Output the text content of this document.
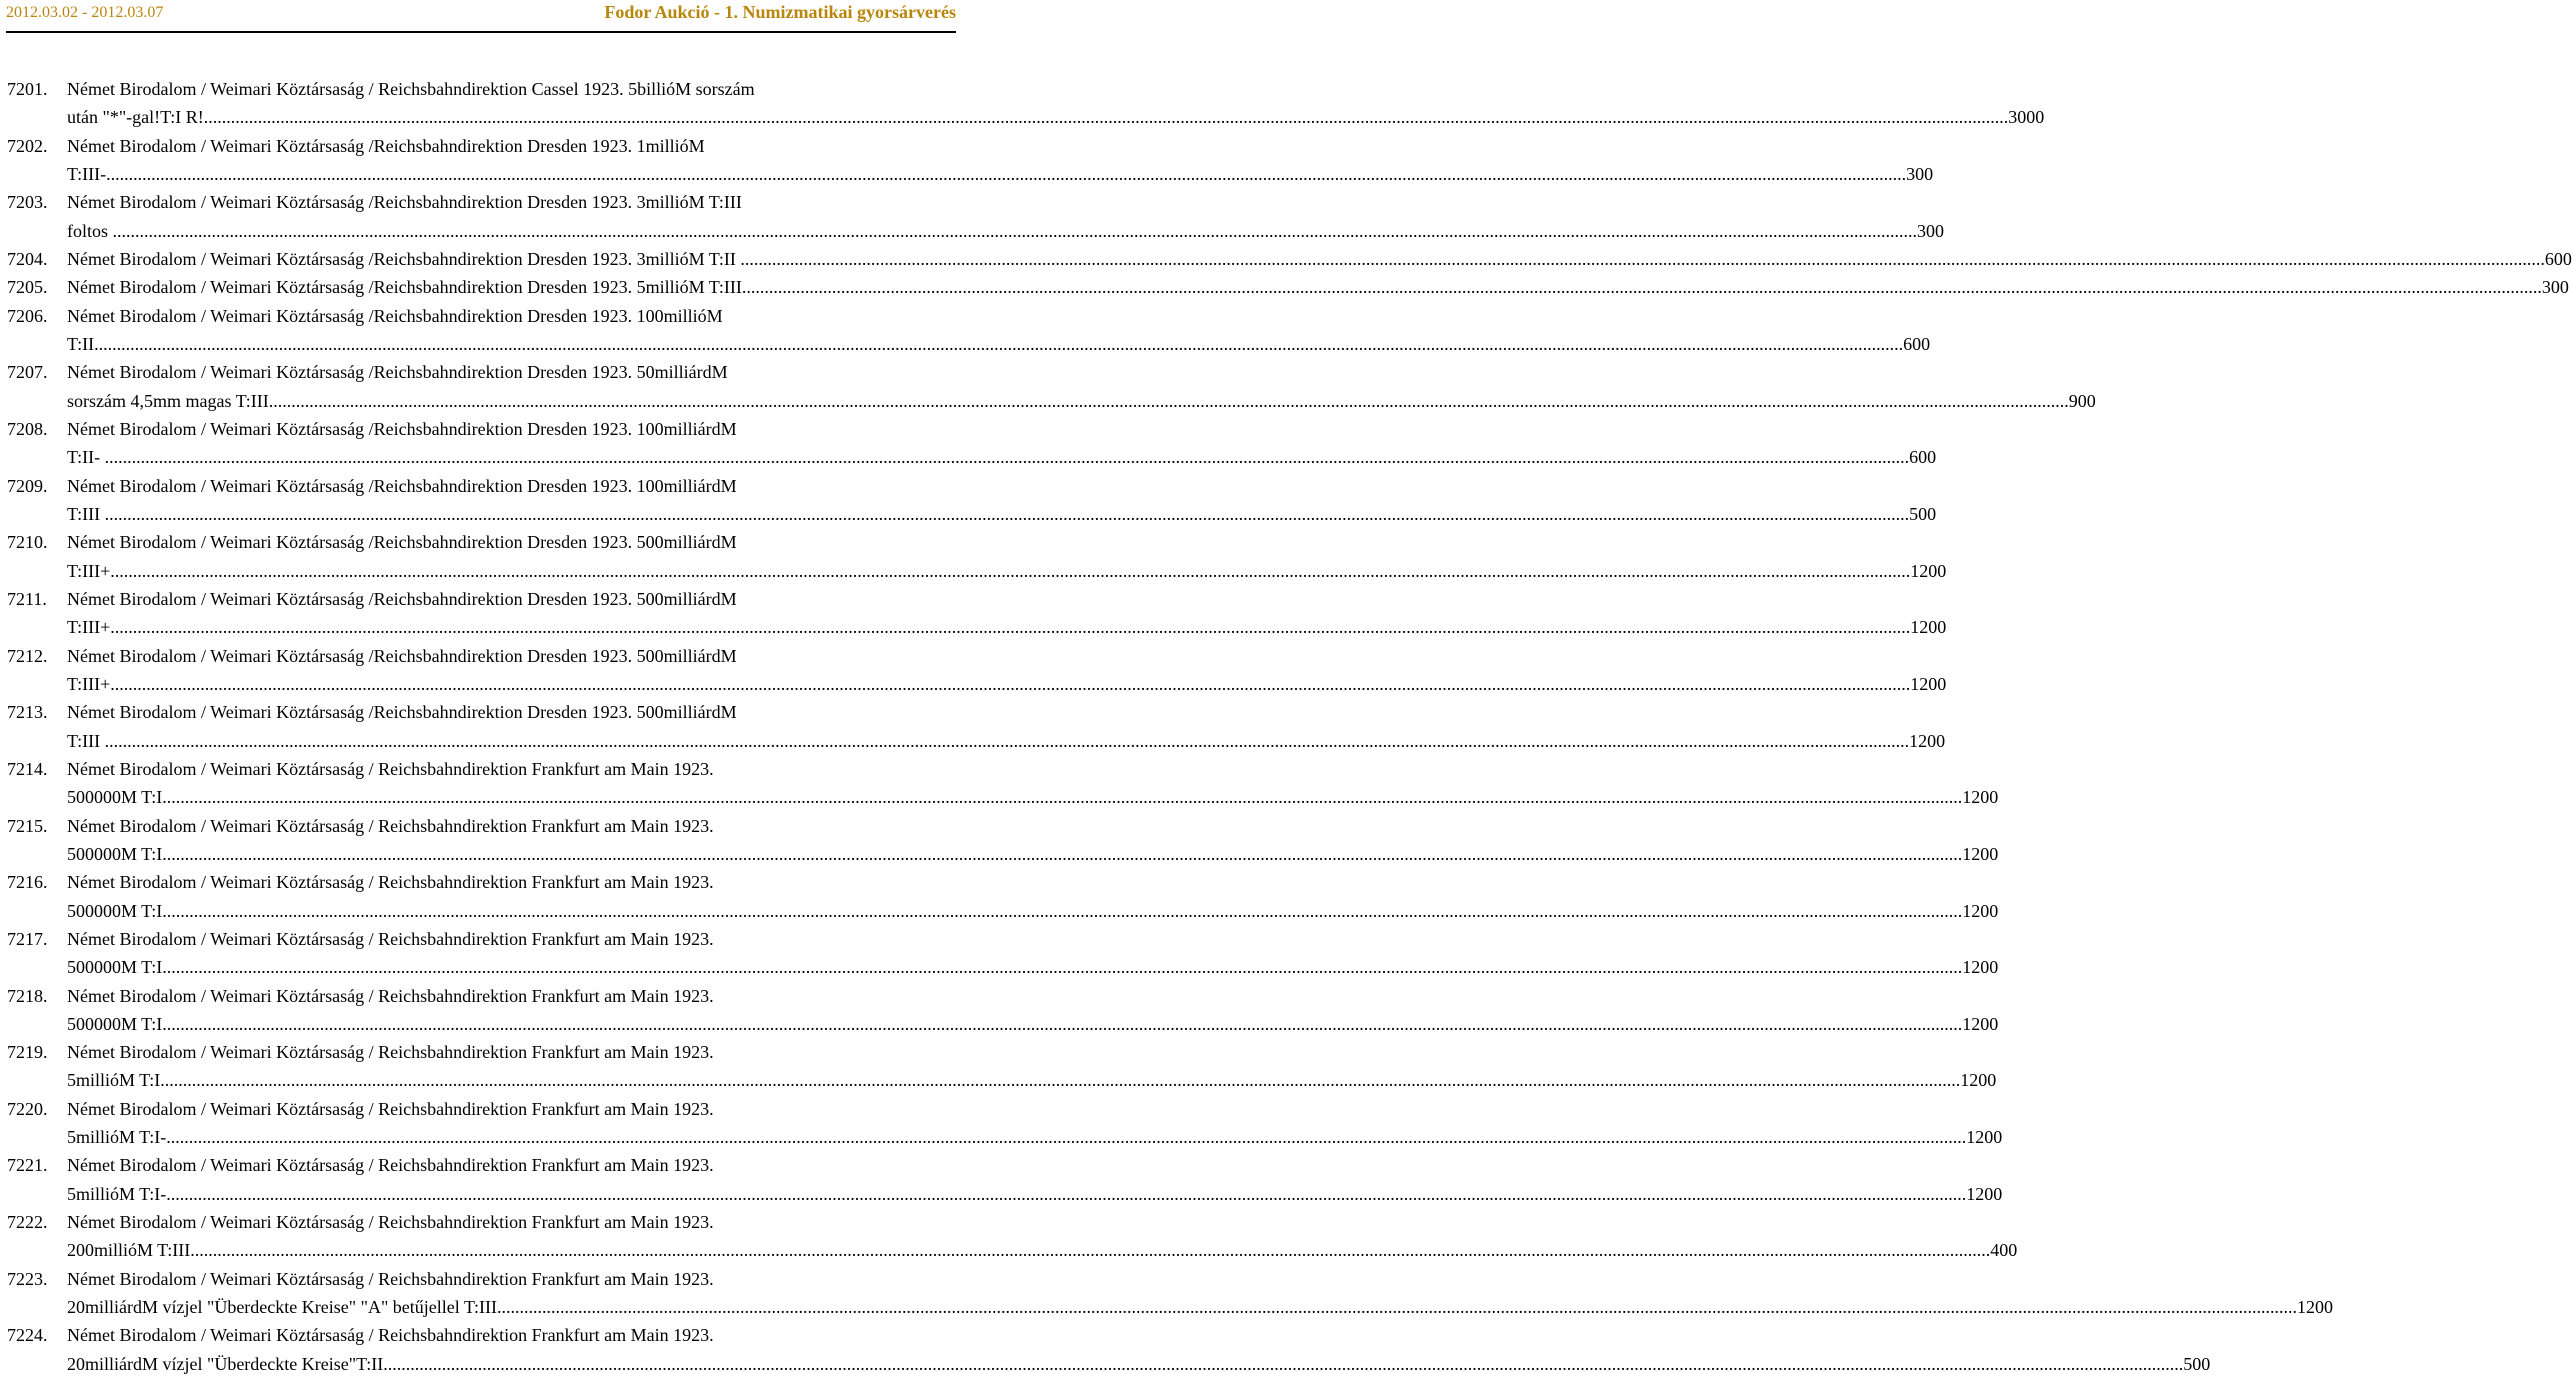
2012.03.02 - 2012.03.07	Fodor Aukció - 1. Numizmatikai gyorsárverés
7201. Német Birodalom / Weimari Köztársaság / Reichsbahndirektion Cassel 1923. 5billióM sorszám
után "*"-gal!T:I R!. ................................................................................................................................................................................................................................................................................................................................................................................................................ 3000
7202. Német Birodalom / Weimari Köztársaság /Reichsbahndirektion Dresden 1923. 1millióM
T:III- ................................................................................................................................................................................................................................................................................................................................................................................................................ 300
7203. Német Birodalom / Weimari Köztársaság /Reichsbahndirektion Dresden 1923. 3millióM T:III
foltos . ................................................................................................................................................................................................................................................................................................................................................................................................................ 300
7204. Német Birodalom / Weimari Köztársaság /Reichsbahndirektion Dresden 1923. 3millióM T:II . ................................................................................................................................................................................................................................................................................................................................................................................................................ 600
7205. Német Birodalom / Weimari Köztársaság /Reichsbahndirektion Dresden 1923. 5millióM T:III ................................................................................................................................................................................................................................................................................................................................................................................................................ 300
7206. Német Birodalom / Weimari Köztársaság /Reichsbahndirektion Dresden 1923. 100millióM
T:II.. ................................................................................................................................................................................................................................................................................................................................................................................................................ 600
7207. Német Birodalom / Weimari Köztársaság /Reichsbahndirektion Dresden 1923. 50milliárdM
sorszám 4,5mm magas T:III ................................................................................................................................................................................................................................................................................................................................................................................................................ 900
7208. Német Birodalom / Weimari Köztársaság /Reichsbahndirektion Dresden 1923. 100milliárdM
T:II- . ................................................................................................................................................................................................................................................................................................................................................................................................................ 600
7209. Német Birodalom / Weimari Köztársaság /Reichsbahndirektion Dresden 1923. 100milliárdM
T:III . ................................................................................................................................................................................................................................................................................................................................................................................................................ 500
7210. Német Birodalom / Weimari Köztársaság /Reichsbahndirektion Dresden 1923. 500milliárdM
T:III+ ................................................................................................................................................................................................................................................................................................................................................................................................................ 1200
7211. Német Birodalom / Weimari Köztársaság /Reichsbahndirektion Dresden 1923. 500milliárdM
T:III+ ................................................................................................................................................................................................................................................................................................................................................................................................................ 1200
7212. Német Birodalom / Weimari Köztársaság /Reichsbahndirektion Dresden 1923. 500milliárdM
T:III+ ................................................................................................................................................................................................................................................................................................................................................................................................................ 1200
7213. Német Birodalom / Weimari Köztársaság /Reichsbahndirektion Dresden 1923. 500milliárdM
T:III . ................................................................................................................................................................................................................................................................................................................................................................................................................ 1200
7214. Német Birodalom / Weimari Köztársaság / Reichsbahndirektion Frankfurt am Main 1923.
500000M T:I ................................................................................................................................................................................................................................................................................................................................................................................................................ 1200
7215. Német Birodalom / Weimari Köztársaság / Reichsbahndirektion Frankfurt am Main 1923.
500000M T:I ................................................................................................................................................................................................................................................................................................................................................................................................................ 1200
7216. Német Birodalom / Weimari Köztársaság / Reichsbahndirektion Frankfurt am Main 1923.
500000M T:I ................................................................................................................................................................................................................................................................................................................................................................................................................ 1200
7217. Német Birodalom / Weimari Köztársaság / Reichsbahndirektion Frankfurt am Main 1923.
500000M T:I ................................................................................................................................................................................................................................................................................................................................................................................................................ 1200
7218. Német Birodalom / Weimari Köztársaság / Reichsbahndirektion Frankfurt am Main 1923.
500000M T:I ................................................................................................................................................................................................................................................................................................................................................................................................................ 1200
7219. Német Birodalom / Weimari Köztársaság / Reichsbahndirektion Frankfurt am Main 1923.
5millióM T:I ................................................................................................................................................................................................................................................................................................................................................................................................................ 1200
7220. Német Birodalom / Weimari Köztársaság / Reichsbahndirektion Frankfurt am Main 1923.
5millióM T:I- ................................................................................................................................................................................................................................................................................................................................................................................................................ 1200
7221. Német Birodalom / Weimari Köztársaság / Reichsbahndirektion Frankfurt am Main 1923.
5millióM T:I- ................................................................................................................................................................................................................................................................................................................................................................................................................ 1200
7222. Német Birodalom / Weimari Köztársaság / Reichsbahndirektion Frankfurt am Main 1923.
200millióM T:III ................................................................................................................................................................................................................................................................................................................................................................................................................ 400
7223. Német Birodalom / Weimari Köztársaság / Reichsbahndirektion Frankfurt am Main 1923.
20milliárdM vízjel "Überdeckte Kreise" "A" betűjellel T:III ................................................................................................................................................................................................................................................................................................................................................................................................................ 1200
7224. Német Birodalom / Weimari Köztársaság / Reichsbahndirektion Frankfurt am Main 1923.
20milliárdM vízjel "Überdeckte Kreise"T:II ................................................................................................................................................................................................................................................................................................................................................................................................................ 500
